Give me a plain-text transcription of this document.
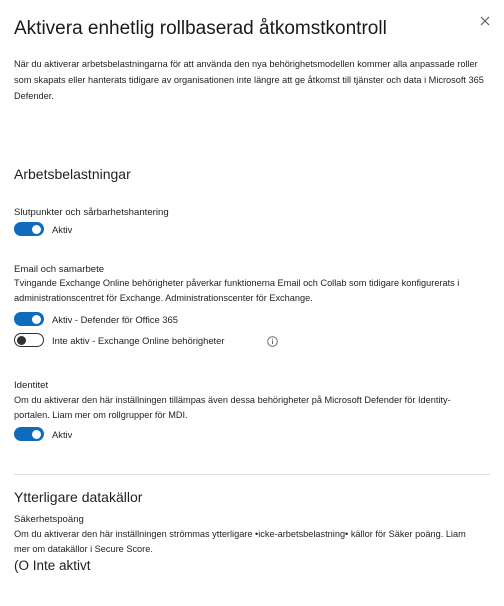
Aktivera enhetlig rollbaserad åtkomstkontroll
När du aktiverar arbetsbelastningarna för att använda den nya behörighetsmodellen kommer alla anpassade roller som skapats eller hanterats tidigare av organisationen inte längre att ge åtkomst till tjänster och data i Microsoft 365 Defender.
Arbetsbelastningar
Slutpunkter och sårbarhetshantering
Aktiv
Email och samarbete
Tvingande Exchange Online behörigheter påverkar funktionerna Email och Collab som tidigare konfigurerats i administrationscentret för Exchange. Administrationscenter för Exchange.
Aktiv - Defender för Office 365
Inte aktiv - Exchange Online behörigheter
Identitet
Om du aktiverar den här inställningen tillämpas även dessa behörigheter på Microsoft Defender för Identity-portalen. Liam mer om rollgrupper för MDI.
Aktiv
Ytterligare datakällor
Säkerhetspoäng
Om du aktiverar den här inställningen strömmas ytterligare •icke-arbetsbelastning• källor för Säker poäng. Liam mer om datakällor i Secure Score.
(O Inte aktivt
